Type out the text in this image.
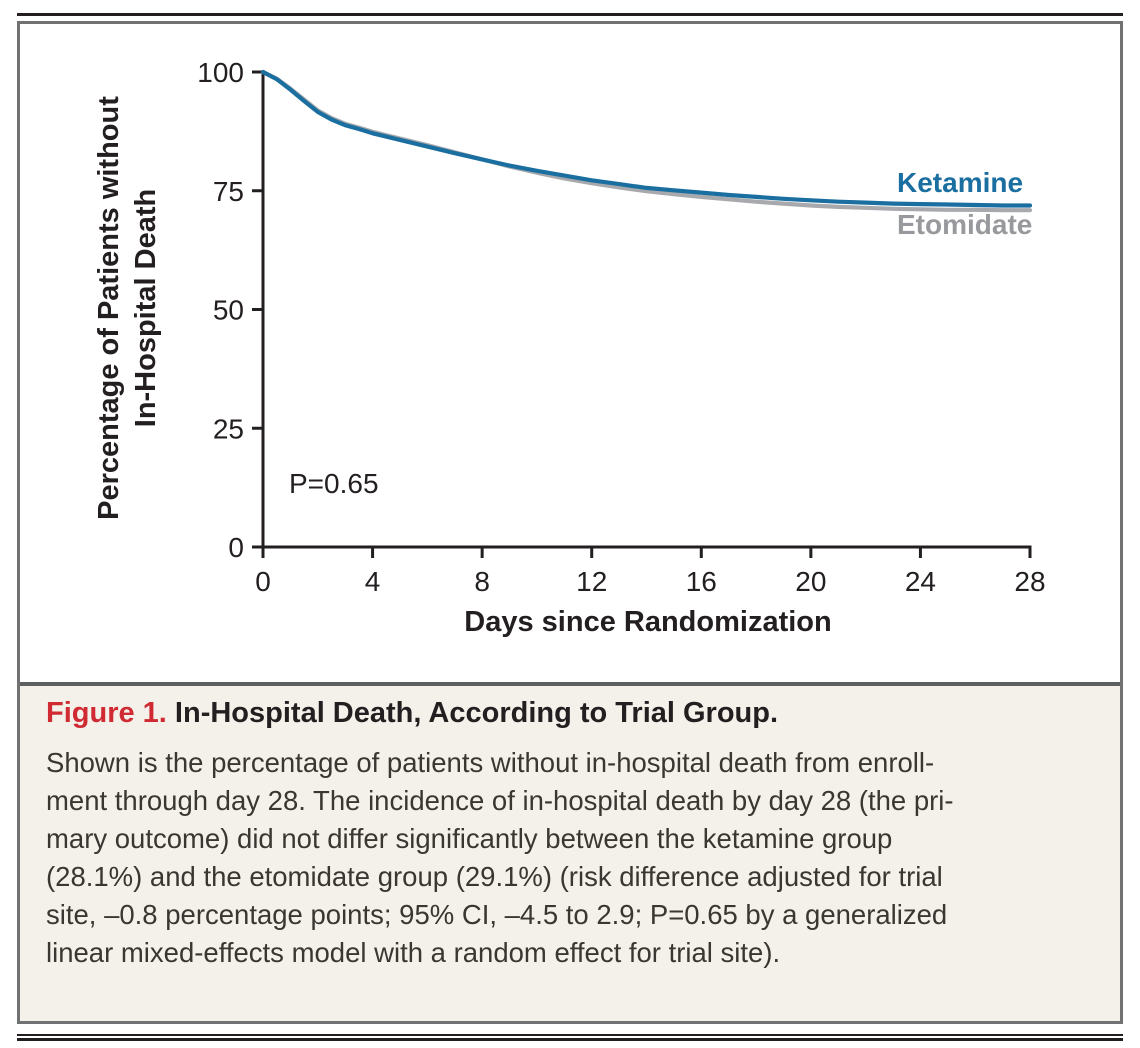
0	4	8	12	16	20	24	28
0
25
50
75
100
Percentage of Patients without In-Hospital Death
Days since Randomization
P=0.65
Ketamine
Etomidate
Figure 1. In-Hospital Death, According to Trial Group.
Shown is the percentage of patients without in-hospital death from enroll-
ment through day 28. The incidence of in-hospital death by day 28 (the pri-
mary outcome) did not differ significantly between the ketamine group
(28.1%) and the etomidate group (29.1%) (risk difference adjusted for trial
site, –0.8 percentage points; 95% CI, –4.5 to 2.9; P=0.65 by a generalized
linear mixed-effects model with a random effect for trial site).
